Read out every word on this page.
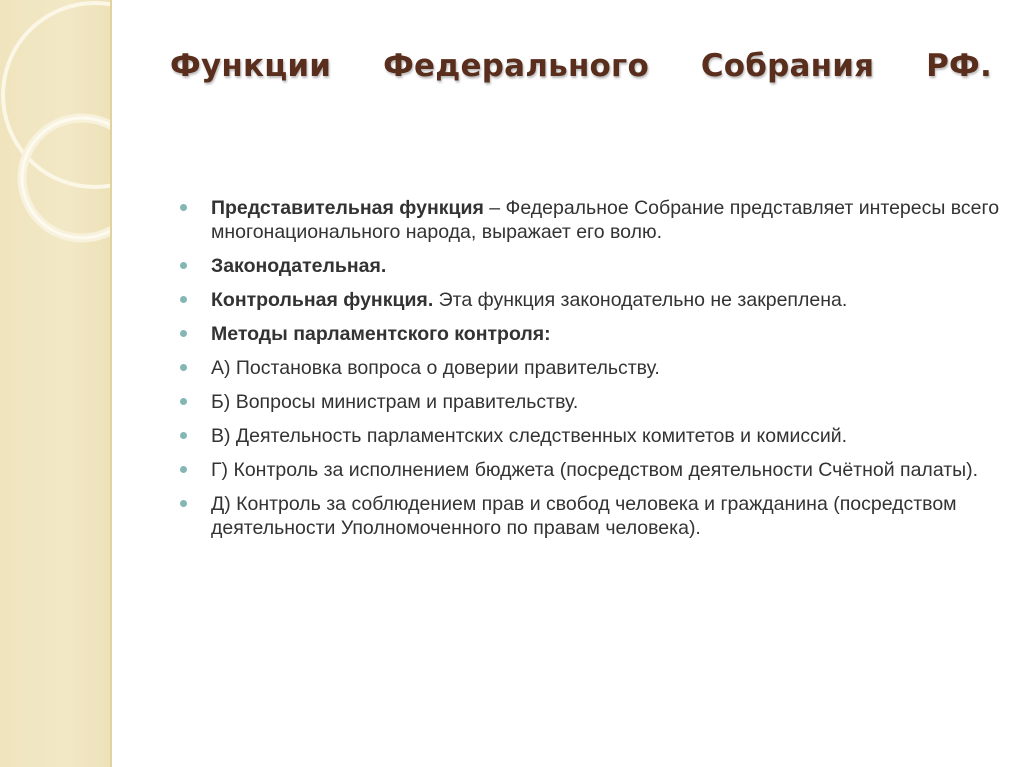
Функции Федерального Собрания РФ.
Представительная функция – Федеральное Собрание представляет интересы всего многонационального народа, выражает его волю.
Законодательная.
Контрольная функция. Эта функция законодательно не закреплена.
Методы парламентского контроля:
А) Постановка вопроса о доверии правительству.
Б) Вопросы министрам и правительству.
В) Деятельность парламентских следственных комитетов и комиссий.
Г) Контроль за исполнением бюджета (посредством деятельности Счётной палаты).
Д) Контроль за соблюдением прав и свобод человека и гражданина (посредством деятельности Уполномоченного по правам человека).
